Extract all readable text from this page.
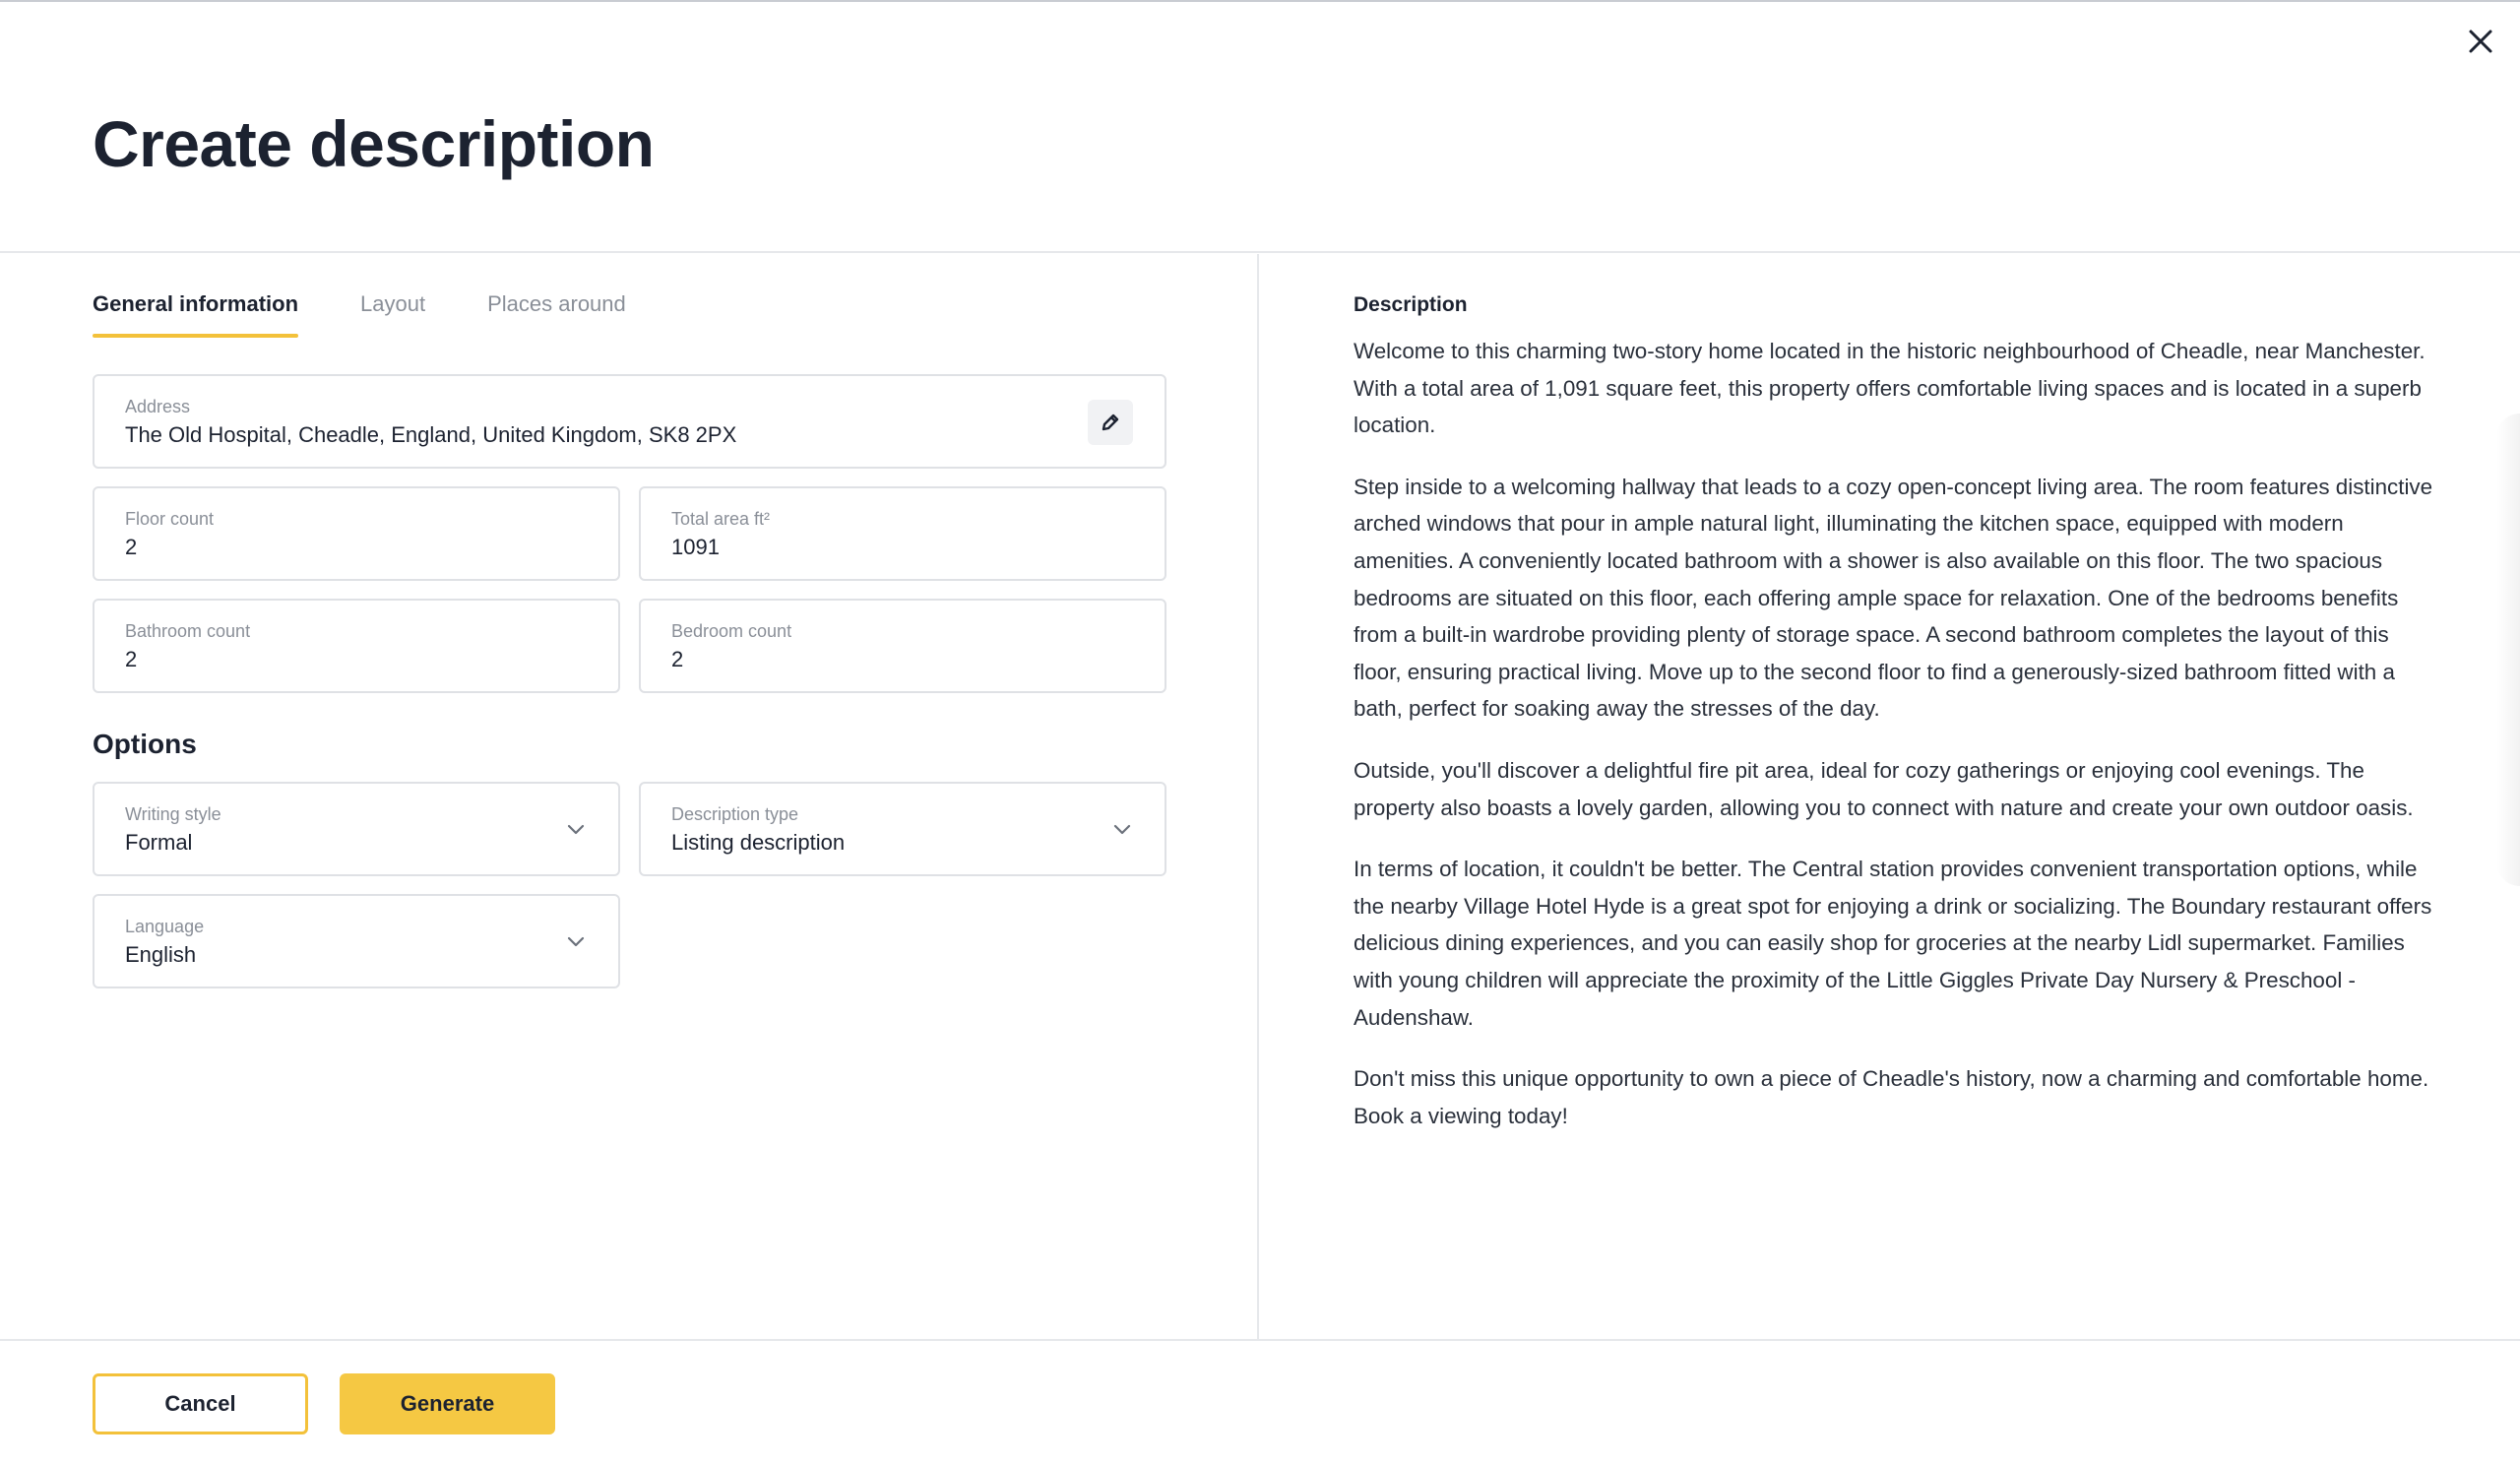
Create description
General information	Layout	Places around
Address
The Old Hospital, Cheadle, England, United Kingdom, SK8 2PX
Floor count
2
Total area ft²
1091
Bathroom count
2
Bedroom count
2
Options
Writing style
Formal
Description type
Listing description
Language
English
Description

Welcome to this charming two-story home located in the historic neighbourhood of Cheadle, near Manchester. With a total area of 1,091 square feet, this property offers comfortable living spaces and is located in a superb location.

Step inside to a welcoming hallway that leads to a cozy open-concept living area. The room features distinctive arched windows that pour in ample natural light, illuminating the kitchen space, equipped with modern amenities. A conveniently located bathroom with a shower is also available on this floor. The two spacious bedrooms are situated on this floor, each offering ample space for relaxation. One of the bedrooms benefits from a built-in wardrobe providing plenty of storage space. A second bathroom completes the layout of this floor, ensuring practical living. Move up to the second floor to find a generously-sized bathroom fitted with a bath, perfect for soaking away the stresses of the day.

Outside, you'll discover a delightful fire pit area, ideal for cozy gatherings or enjoying cool evenings. The property also boasts a lovely garden, allowing you to connect with nature and create your own outdoor oasis.

In terms of location, it couldn't be better. The Central station provides convenient transportation options, while the nearby Village Hotel Hyde is a great spot for enjoying a drink or socializing. The Boundary restaurant offers delicious dining experiences, and you can easily shop for groceries at the nearby Lidl supermarket. Families with young children will appreciate the proximity of the Little Giggles Private Day Nursery & Preschool - Audenshaw.

Don't miss this unique opportunity to own a piece of Cheadle's history, now a charming and comfortable home. Book a viewing today!

Cancel	Generate
